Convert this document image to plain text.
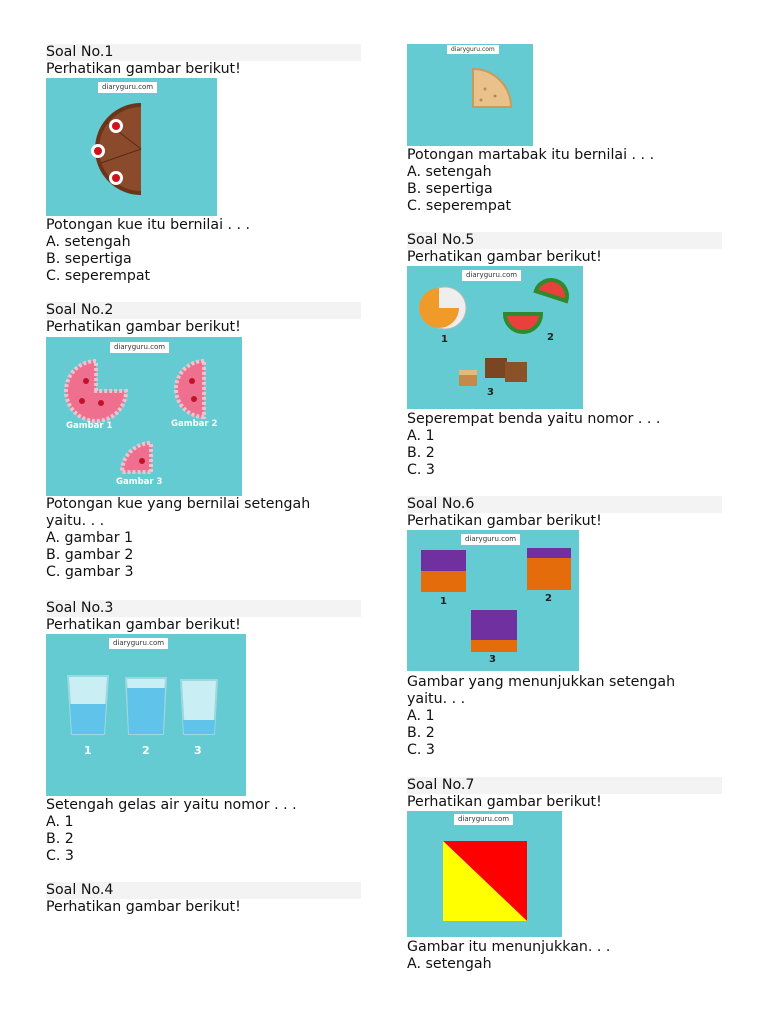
Soal No.1
Perhatikan gambar berikut!
diaryguru.com
Potongan kue itu bernilai . . .
A. setengah
B. sepertiga
C. seperempat
Soal No.2
Perhatikan gambar berikut!
diaryguru.com
Gambar 1	Gambar 2
Gambar 3
Potongan kue yang bernilai setengah
yaitu. . .
A. gambar 1
B. gambar 2
C. gambar 3
Soal No.3
Perhatikan gambar berikut!
diaryguru.com
1	2	3
Setengah gelas air yaitu nomor . . .
A. 1
B. 2
C. 3
Soal No.4
Perhatikan gambar berikut!
diaryguru.com
Potongan martabak itu bernilai . . .
A. setengah
B. sepertiga
C. seperempat
Soal No.5
Perhatikan gambar berikut!
diaryguru.com
1	2
3
Seperempat benda yaitu nomor . . .
A. 1
B. 2
C. 3
Soal No.6
Perhatikan gambar berikut!
diaryguru.com
1	2
3
Gambar yang menunjukkan setengah
yaitu. . .
A. 1
B. 2
C. 3
Soal No.7
Perhatikan gambar berikut!
diaryguru.com
Gambar itu menunjukkan. . .
A. setengah
